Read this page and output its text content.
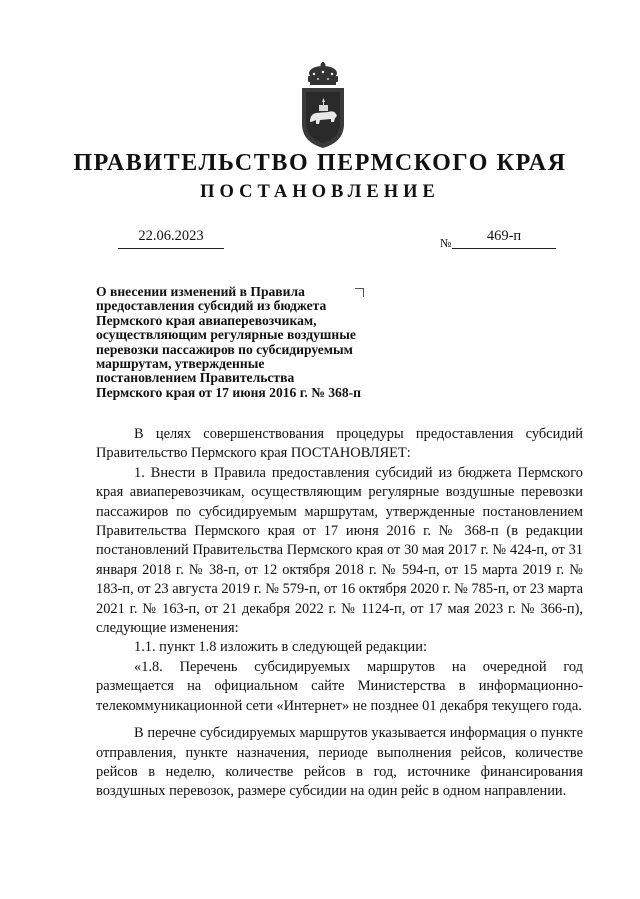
ПРАВИТЕЛЬСТВО ПЕРМСКОГО КРАЯ
ПОСТАНОВЛЕНИЕ
22.06.2023	№	469-п
О внесении изменений в Правила предоставления субсидий из бюджета Пермского края авиаперевозчикам, осуществляющим регулярные воздушные перевозки пассажиров по субсидируемым маршрутам, утвержденные постановлением Правительства Пермского края от 17 июня 2016 г. № 368-п

В целях совершенствования процедуры предоставления субсидий Правительство Пермского края ПОСТАНОВЛЯЕТ:

1. Внести в Правила предоставления субсидий из бюджета Пермского края авиаперевозчикам, осуществляющим регулярные воздушные перевозки пассажиров по субсидируемым маршрутам, утвержденные постановлением Правительства Пермского края от 17 июня 2016 г. № 368-п (в редакции постановлений Правительства Пермского края от 30 мая 2017 г. № 424-п, от 31 января 2018 г. № 38-п, от 12 октября 2018 г. № 594-п, от 15 марта 2019 г. № 183-п, от 23 августа 2019 г. № 579-п, от 16 октября 2020 г. № 785-п, от 23 марта 2021 г. № 163-п, от 21 декабря 2022 г. № 1124-п, от 17 мая 2023 г. № 366-п), следующие изменения:

1.1. пункт 1.8 изложить в следующей редакции:

«1.8. Перечень субсидируемых маршрутов на очередной год размещается на официальном сайте Министерства в информационно-телекоммуникационной сети «Интернет» не позднее 01 декабря текущего года.

В перечне субсидируемых маршрутов указывается информация о пункте отправления, пункте назначения, периоде выполнения рейсов, количестве рейсов в неделю, количестве рейсов в год, источнике финансирования воздушных перевозок, размере субсидии на один рейс в одном направлении.
